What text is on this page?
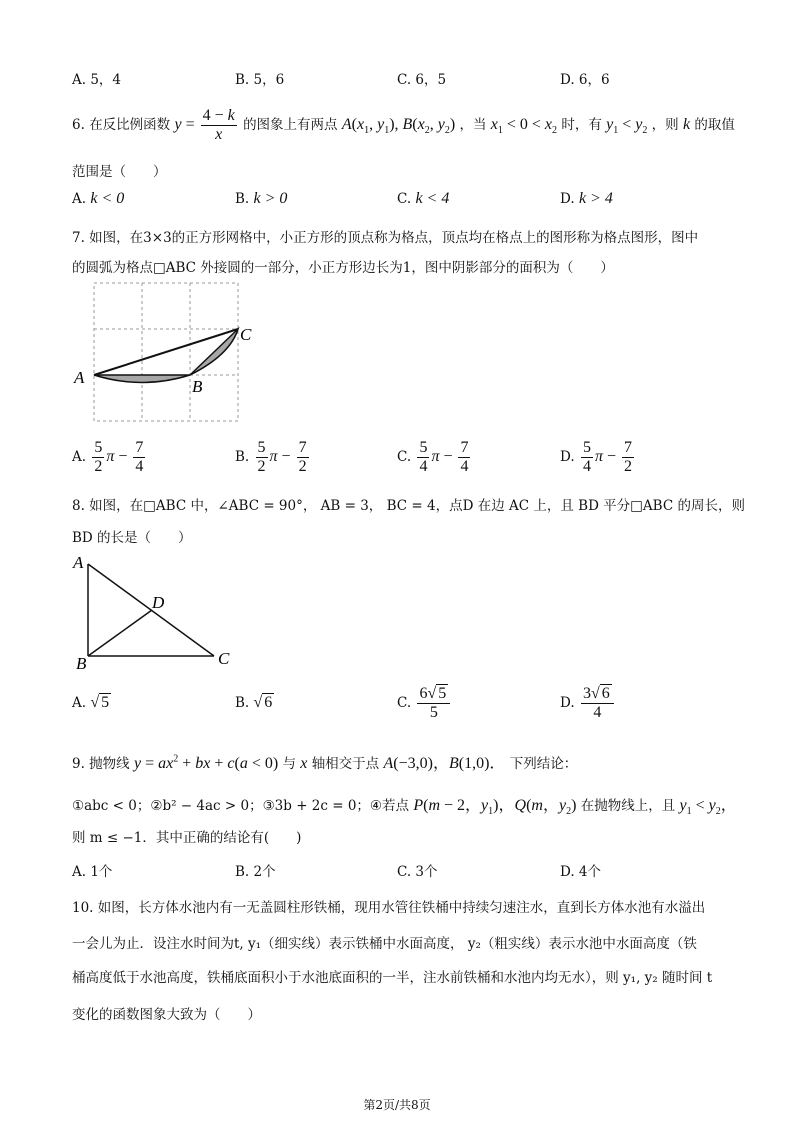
A. 5，4	B. 5，6	C. 6，5	D. 6，6
6. 在反比例函数 $y = \frac{4 - k}{x}$ 的图象上有两点 $A(x_1$, $y_1$), $B(x_2$, $y_2$) ，当 $x_1 < 0 < x_2$ 时，有 $y_1 < y_2$ ，则 k 的取值
范围是（　　）
A. k < 0	B. k > 0	C. k < 4	D. k > 4
7. 如图，在3×3的正方形网格中，小正方形的顶点称为格点，顶点均在格点上的图形称为格点图形，图中
的圆弧为格点□ABC 外接圆的一部分，小正方形边长为1，图中阴影部分的面积为（　　）
A	B
C
A. $\frac{5}{2}$ $\pi - \frac{7}{4}$	B. $\frac{5}{2}$ $\pi - \frac{7}{2}$	C. $\frac{5}{4}$ $\pi - \frac{7}{4}$	D. $\frac{5}{4}$ $\pi - \frac{7}{2}$
8. 如图，在□ABC 中，∠ABC = 90°， AB = 3， BC = 4，点D 在边 AC 上，且 BD 平分□ABC 的周长，则
BD 的长是（　　）
A
B	C
D
A. √ 5	B. √ 6	C. $\frac{6√ 5}{5}$	D. $\frac{3√ 6}{4}$
9. 抛物线 $y = ax^2$ + bx + c(a < 0) 与 x 轴相交于点 A(−3,0)，B(1,0)． 下列结论：
①abc < 0；②b² − 4ac > 0；③3b + 2c = 0；④若点 P(m − 2，$y_1$)，Q(m，$y_2$) 在抛物线上，且 $y_1 < y_2$，
则 m ≤ −1．其中正确的结论有(　　)
A. 1个	B. 2个	C. 3个	D. 4个
10. 如图，长方体水池内有一无盖圆柱形铁桶，现用水管往铁桶中持续匀速注水，直到长方体水池有水溢出
一会儿为止．设注水时间为t, y₁（细实线）表示铁桶中水面高度， y₂（粗实线）表示水池中水面高度（铁
桶高度低于水池高度，铁桶底面积小于水池底面积的一半，注水前铁桶和水池内均无水），则 y₁, y₂ 随时间 t
变化的函数图象大致为（　　）
第2页/共8页
